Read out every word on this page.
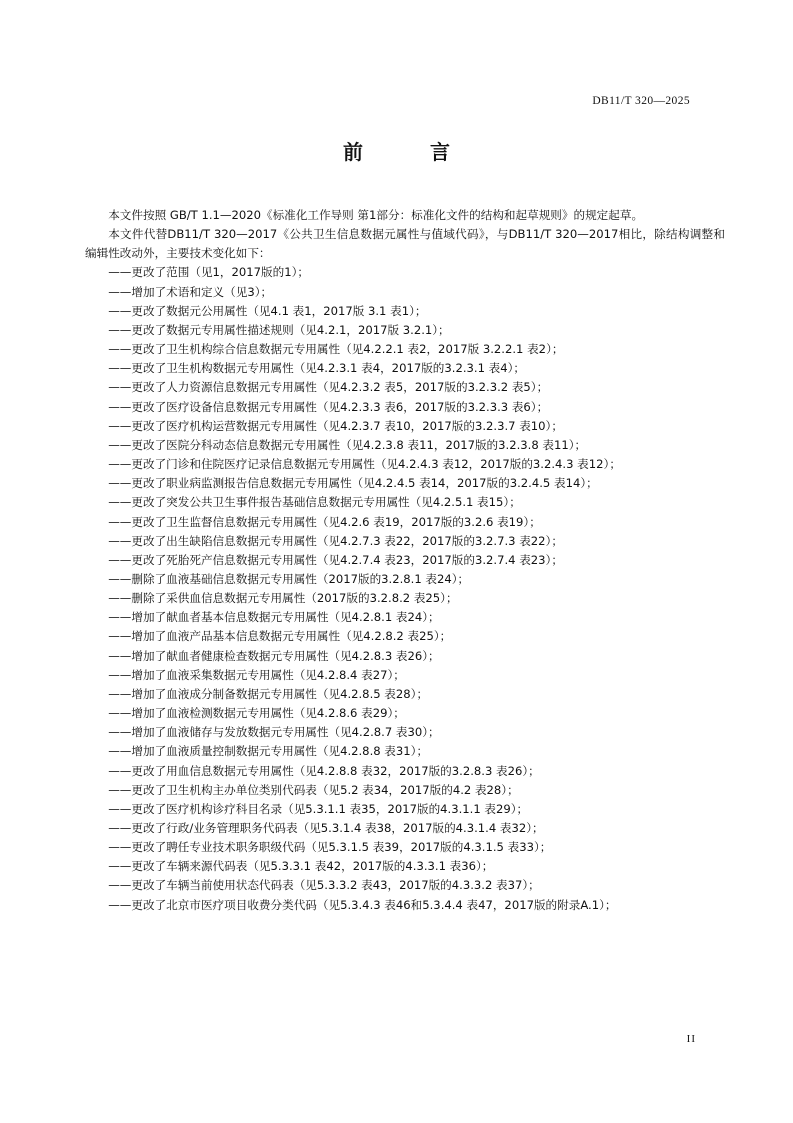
DB11/T 320—2025
前 言

本文件按照 GB/T 1.1—2020《标准化工作导则 第1部分：标准化文件的结构和起草规则》的规定起草。

本文件代替DB11/T 320—2017《公共卫生信息数据元属性与值域代码》，与DB11/T 320—2017相比，除结构调整和编辑性改动外，主要技术变化如下：

——更改了范围（见1，2017版的1）；
——增加了术语和定义（见3）；
——更改了数据元公用属性（见4.1 表1，2017版 3.1 表1）；
——更改了数据元专用属性描述规则（见4.2.1，2017版 3.2.1）；
——更改了卫生机构综合信息数据元专用属性（见4.2.2.1 表2，2017版 3.2.2.1 表2）；
——更改了卫生机构数据元专用属性（见4.2.3.1 表4，2017版的3.2.3.1 表4）；
——更改了人力资源信息数据元专用属性（见4.2.3.2 表5，2017版的3.2.3.2 表5）；
——更改了医疗设备信息数据元专用属性（见4.2.3.3 表6，2017版的3.2.3.3 表6）；
——更改了医疗机构运营数据元专用属性（见4.2.3.7 表10，2017版的3.2.3.7 表10）；
——更改了医院分科动态信息数据元专用属性（见4.2.3.8 表11，2017版的3.2.3.8 表11）；
——更改了门诊和住院医疗记录信息数据元专用属性（见4.2.4.3 表12，2017版的3.2.4.3 表12）；
——更改了职业病监测报告信息数据元专用属性（见4.2.4.5 表14，2017版的3.2.4.5 表14）；
——更改了突发公共卫生事件报告基础信息数据元专用属性（见4.2.5.1 表15）；
——更改了卫生监督信息数据元专用属性（见4.2.6 表19，2017版的3.2.6 表19）；
——更改了出生缺陷信息数据元专用属性（见4.2.7.3 表22，2017版的3.2.7.3 表22）；
——更改了死胎死产信息数据元专用属性（见4.2.7.4 表23，2017版的3.2.7.4 表23）；
——删除了血液基础信息数据元专用属性（2017版的3.2.8.1 表24）；
——删除了采供血信息数据元专用属性（2017版的3.2.8.2 表25）；
——增加了献血者基本信息数据元专用属性（见4.2.8.1 表24）；
——增加了血液产品基本信息数据元专用属性（见4.2.8.2 表25）；
——增加了献血者健康检查数据元专用属性（见4.2.8.3 表26）；
——增加了血液采集数据元专用属性（见4.2.8.4 表27）；
——增加了血液成分制备数据元专用属性（见4.2.8.5 表28）；
——增加了血液检测数据元专用属性（见4.2.8.6 表29）；
——增加了血液储存与发放数据元专用属性（见4.2.8.7 表30）；
——增加了血液质量控制数据元专用属性（见4.2.8.8 表31）；
——更改了用血信息数据元专用属性（见4.2.8.8 表32，2017版的3.2.8.3 表26）；
——更改了卫生机构主办单位类别代码表（见5.2 表34，2017版的4.2 表28）；
——更改了医疗机构诊疗科目名录（见5.3.1.1 表35，2017版的4.3.1.1 表29）；
——更改了行政/业务管理职务代码表（见5.3.1.4 表38，2017版的4.3.1.4 表32）；
——更改了聘任专业技术职务职级代码（见5.3.1.5 表39，2017版的4.3.1.5 表33）；
——更改了车辆来源代码表（见5.3.3.1 表42，2017版的4.3.3.1 表36）；
——更改了车辆当前使用状态代码表（见5.3.3.2 表43，2017版的4.3.3.2 表37）；
——更改了北京市医疗项目收费分类代码（见5.3.4.3 表46和5.3.4.4 表47，2017版的附录A.1）；
II
